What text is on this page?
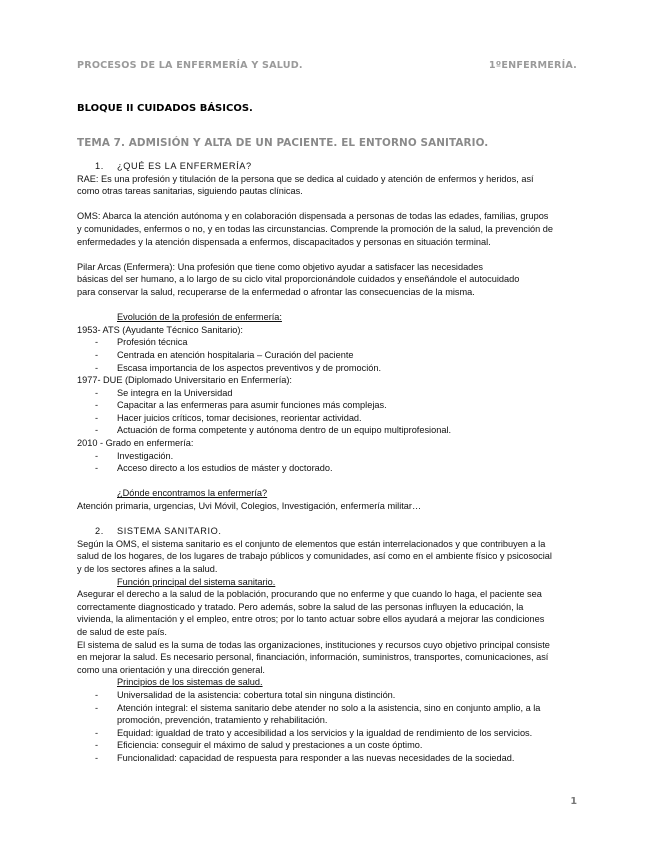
PROCESOS DE LA ENFERMERÍA Y SALUD.	1ºENFERMERÍA.
BLOQUE II CUIDADOS BÁSICOS.
TEMA 7. ADMISIÓN Y ALTA DE UN PACIENTE. EL ENTORNO SANITARIO.
1. ¿QUÉ ES LA ENFERMERÍA?

RAE: Es una profesión y titulación de la persona que se dedica al cuidado y atención de enfermos y heridos, así

como otras tareas sanitarias, siguiendo pautas clínicas.

OMS: Abarca la atención autónoma y en colaboración dispensada a personas de todas las edades, familias, grupos

y comunidades, enfermos o no, y en todas las circunstancias. Comprende la promoción de la salud, la prevención de

enfermedades y la atención dispensada a enfermos, discapacitados y personas en situación terminal.

Pilar Arcas (Enfermera): Una profesión que tiene como objetivo ayudar a satisfacer las necesidades

básicas del ser humano, a lo largo de su ciclo vital proporcionándole cuidados y enseñándole el autocuidado

para conservar la salud, recuperarse de la enfermedad o afrontar las consecuencias de la misma.

Evolución de la profesión de enfermería:

1953- ATS (Ayudante Técnico Sanitario):

- Profesión técnica
- Centrada en atención hospitalaria – Curación del paciente
- Escasa importancia de los aspectos preventivos y de promoción.

1977- DUE (Diplomado Universitario en Enfermería):

- Se integra en la Universidad
- Capacitar a las enfermeras para asumir funciones más complejas.
- Hacer juicios críticos, tomar decisiones, reorientar actividad.
- Actuación de forma competente y autónoma dentro de un equipo multiprofesional.

2010 - Grado en enfermería:

- Investigación.
- Acceso directo a los estudios de máster y doctorado.

¿Dónde encontramos la enfermería?

Atención primaria, urgencias, Uvi Móvil, Colegios, Investigación, enfermería militar…

2. SISTEMA SANITARIO.

Según la OMS, el sistema sanitario es el conjunto de elementos que están interrelacionados y que contribuyen a la

salud de los hogares, de los lugares de trabajo públicos y comunidades, así como en el ambiente físico y psicosocial

y de los sectores afines a la salud.

Función principal del sistema sanitario.

Asegurar el derecho a la salud de la población, procurando que no enferme y que cuando lo haga, el paciente sea

correctamente diagnosticado y tratado. Pero además, sobre la salud de las personas influyen la educación, la

vivienda, la alimentación y el empleo, entre otros; por lo tanto actuar sobre ellos ayudará a mejorar las condiciones

de salud de este país.

El sistema de salud es la suma de todas las organizaciones, instituciones y recursos cuyo objetivo principal consiste

en mejorar la salud. Es necesario personal, financiación, información, suministros, transportes, comunicaciones, así

como una orientación y una dirección general.

Principios de los sistemas de salud.

- Universalidad de la asistencia: cobertura total sin ninguna distinción.
- Atención integral: el sistema sanitario debe atender no solo a la asistencia, sino en conjunto amplio, a la
promoción, prevención, tratamiento y rehabilitación.
- Equidad: igualdad de trato y accesibilidad a los servicios y la igualdad de rendimiento de los servicios.
- Eficiencia: conseguir el máximo de salud y prestaciones a un coste óptimo.
- Funcionalidad: capacidad de respuesta para responder a las nuevas necesidades de la sociedad.
1
